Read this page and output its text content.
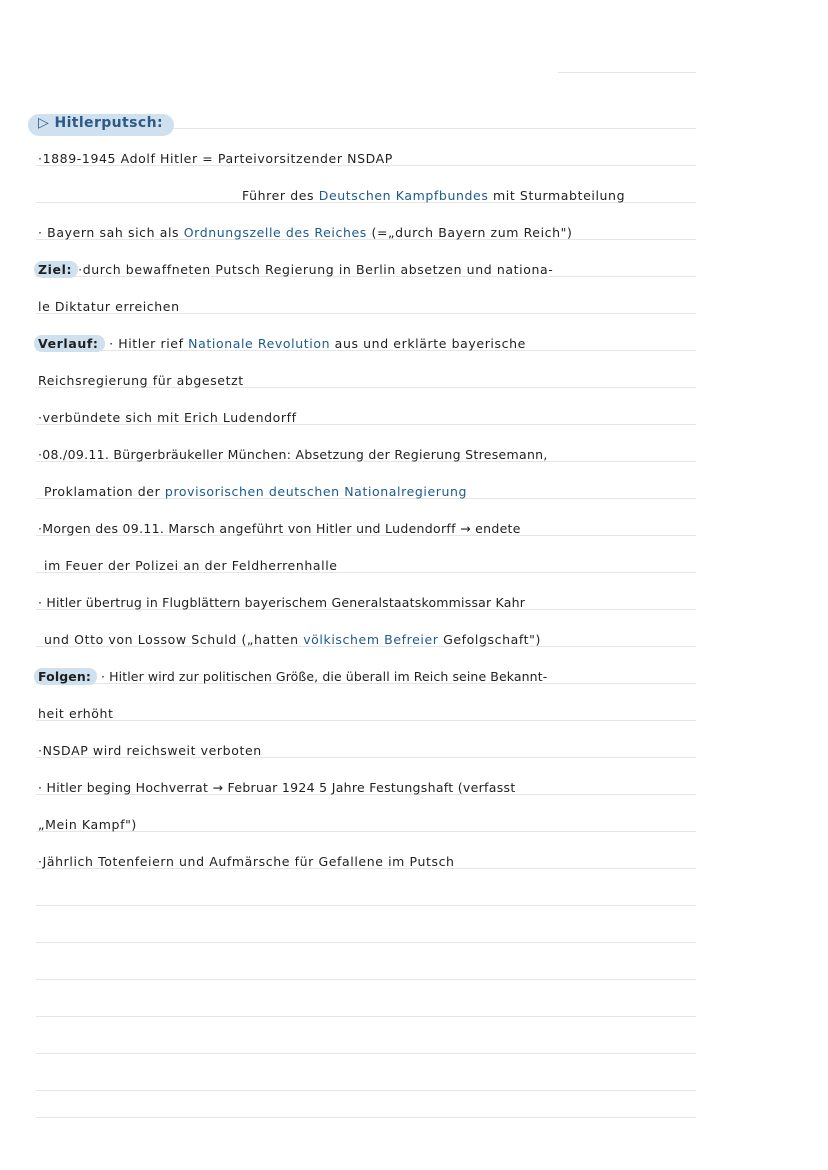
▷ Hitlerputsch:
·1889-1945 Adolf Hitler = Parteivorsitzender NSDAP
Führer des Deutschen Kampfbundes mit Sturmabteilung
· Bayern sah sich als Ordnungszelle des Reiches (=„durch Bayern zum Reich")
Ziel: ·durch bewaffneten Putsch Regierung in Berlin absetzen und nationa-
le Diktatur erreichen
Verlauf: · Hitler rief Nationale Revolution aus und erklärte bayerische
Reichsregierung für abgesetzt
·verbündete sich mit Erich Ludendorff
·08./09.11. Bürgerbräukeller München: Absetzung der Regierung Stresemann,
Proklamation der provisorischen deutschen Nationalregierung
·Morgen des 09.11. Marsch angeführt von Hitler und Ludendorff → endete
im Feuer der Polizei an der Feldherrenhalle
· Hitler übertrug in Flugblättern bayerischem Generalstaatskommissar Kahr
und Otto von Lossow Schuld („hatten völkischem Befreier Gefolgschaft")
Folgen: · Hitler wird zur politischen Größe, die überall im Reich seine Bekannt-
heit erhöht
·NSDAP wird reichsweit verboten
· Hitler beging Hochverrat → Februar 1924 5 Jahre Festungshaft (verfasst
„Mein Kampf")
·Jährlich Totenfeiern und Aufmärsche für Gefallene im Putsch
